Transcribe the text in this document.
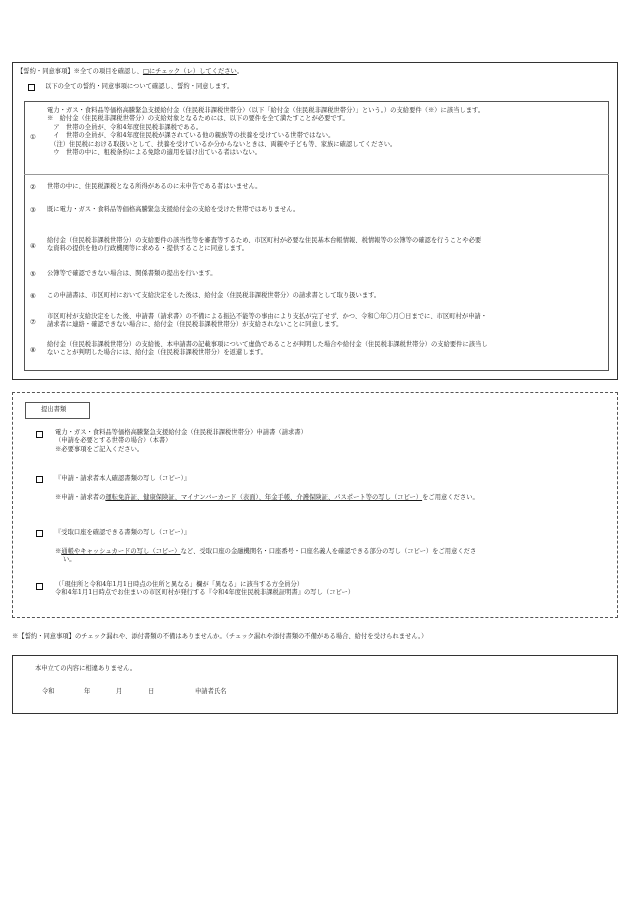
【誓約・同意事項】※全ての項目を確認し、□にチェック（レ）してください。
以下の全ての誓約・同意事項について確認し、誓約・同意します。
①
電力・ガス・食料品等価格高騰緊急支援給付金（住民税非課税世帯分）（以下「給付金（住民税非課税世帯分）」という。）の支給要件（※）に該当します。
※　給付金（住民税非課税世帯分）の支給対象となるためには、以下の要件を全て満たすことが必要です。
　ア　世帯の全員が、令和4年度住民税非課税である。
　イ　世帯の全員が、令和4年度住民税が課されている他の親族等の扶養を受けている世帯ではない。
　（注）住民税における取扱いとして、扶養を受けているか分からないときは、両親や子ども等、家族に確認してください。
　ウ　世帯の中に、租税条約による免除の適用を届け出ている者はいない。
② 世帯の中に、住民税課税となる所得があるのに未申告である者はいません。
③ 既に電力・ガス・食料品等価格高騰緊急支援給付金の支給を受けた世帯ではありません。
④
給付金（住民税非課税世帯分）の支給要件の該当性等を審査等するため、市区町村が必要な住民基本台帳情報、税情報等の公簿等の確認を行うことや必要
な資料の提供を他の行政機関等に求める・提供することに同意します。
⑤ 公簿等で確認できない場合は、関係書類の提出を行います。
⑥ この申請書は、市区町村において支給決定をした後は、給付金（住民税非課税世帯分）の請求書として取り扱います。
⑦
市区町村が支給決定をした後、申請書（請求書）の不備による振込不能等の事由により支払が完了せず、かつ、令和〇年〇月〇日までに、市区町村が申請・
請求者に連絡・確認できない場合に、給付金（住民税非課税世帯分）が支給されないことに同意します。
⑧
給付金（住民税非課税世帯分）の支給後、本申請書の記載事項について虚偽であることが判明した場合や給付金（住民税非課税世帯分）の支給要件に該当し
ないことが判明した場合には、給付金（住民税非課税世帯分）を返還します。
提出書類
電力・ガス・食料品等価格高騰緊急支援給付金（住民税非課税世帯分）申請書（請求書）
（申請を必要とする世帯の場合）（本書）
※必要事項をご記入ください。
『申請・請求者本人確認書類の写し（コピー）』
※申請・請求者の運転免許証、健康保険証、マイナンバーカード（表面）、年金手帳、介護保険証、パスポート等の写し（コピー）をご用意ください。
『受取口座を確認できる書類の写し（コピー）』
※通帳やキャッシュカードの写し（コピー）など、受取口座の金融機関名・口座番号・口座名義人を確認できる部分の写し（コピー）をご用意くださ
い。
（「現住所と令和4年1月1日時点の住所と異なる」欄が「異なる」に該当する方全員分）
令和4年1月1日時点でお住まいの市区町村が発行する『令和4年度住民税非課税証明書』の写し（コピー）
※【誓約・同意事項】のチェック漏れや、添付書類の不備はありませんか。（チェック漏れや添付書類の不備がある場合、給付を受けられません。）
本申立ての内容に相違ありません。
令和	年	月	日	申請者氏名
